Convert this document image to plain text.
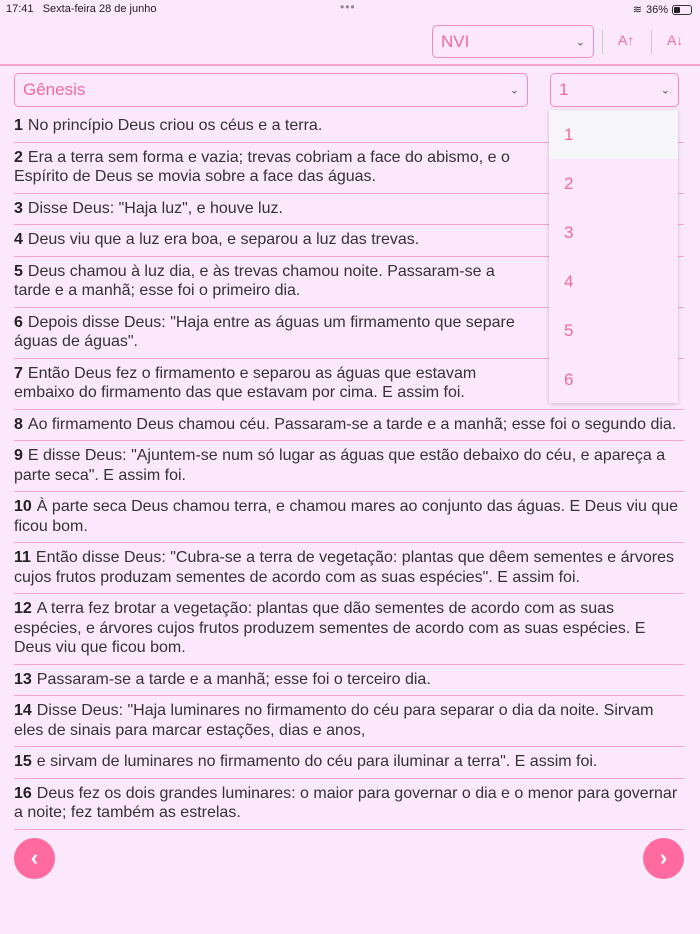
17:41 Sexta-feira 28 de junho	•••	≋ 36%
NVI	⌄ A↑ A↓
Gênesis	⌄ 1	⌄
1 No princípio Deus criou os céus e a terra.
2 Era a terra sem forma e vazia; trevas cobriam a face do abismo, e o Espírito de Deus se movia sobre a face das águas.
3 Disse Deus: "Haja luz", e houve luz.
4 Deus viu que a luz era boa, e separou a luz das trevas.
5 Deus chamou à luz dia, e às trevas chamou noite. Passaram-se a tarde e a manhã; esse foi o primeiro dia.
6 Depois disse Deus: "Haja entre as águas um firmamento que separe águas de águas".
7 Então Deus fez o firmamento e separou as águas que estavam embaixo do firmamento das que estavam por cima. E assim foi.
8 Ao firmamento Deus chamou céu. Passaram-se a tarde e a manhã; esse foi o segundo dia.
9 E disse Deus: "Ajuntem-se num só lugar as águas que estão debaixo do céu, e apareça a parte seca". E assim foi.
10 À parte seca Deus chamou terra, e chamou mares ao conjunto das águas. E Deus viu que ficou bom.
11 Então disse Deus: "Cubra-se a terra de vegetação: plantas que dêem sementes e árvores cujos frutos produzam sementes de acordo com as suas espécies". E assim foi.
12 A terra fez brotar a vegetação: plantas que dão sementes de acordo com as suas espécies, e árvores cujos frutos produzem sementes de acordo com as suas espécies. E Deus viu que ficou bom.
13 Passaram-se a tarde e a manhã; esse foi o terceiro dia.
14 Disse Deus: "Haja luminares no firmamento do céu para separar o dia da noite. Sirvam eles de sinais para marcar estações, dias e anos,
15 e sirvam de luminares no firmamento do céu para iluminar a terra". E assim foi.
16 Deus fez os dois grandes luminares: o maior para governar o dia e o menor para governar a noite; fez também as estrelas.
‹	›
1
2
3
4
5
6
